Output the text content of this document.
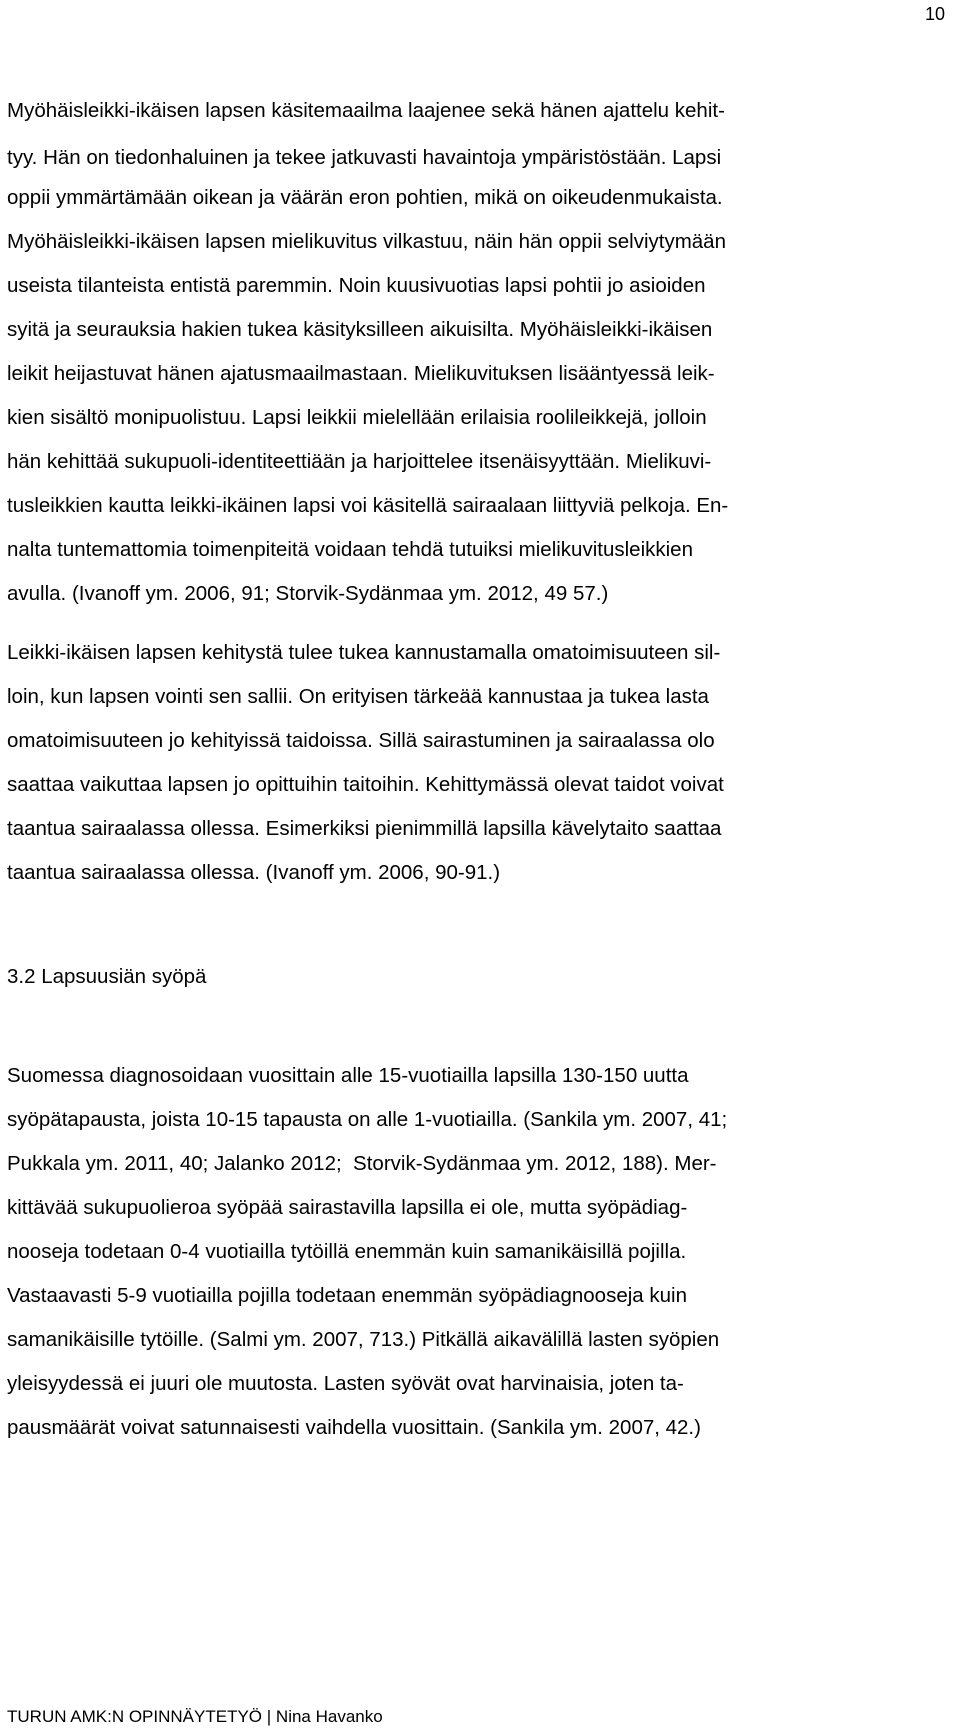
10
Myöhäisleikki-ikäisen lapsen käsitemaailma laajenee sekä hänen ajattelu kehit-
tyy. Hän on tiedonhaluinen ja tekee jatkuvasti havaintoja ympäristöstään. Lapsi
oppii ymmärtämään oikean ja väärän eron pohtien, mikä on oikeudenmukaista.
Myöhäisleikki-ikäisen lapsen mielikuvitus vilkastuu, näin hän oppii selviytymään
useista tilanteista entistä paremmin. Noin kuusivuotias lapsi pohtii jo asioiden
syitä ja seurauksia hakien tukea käsityksilleen aikuisilta. Myöhäisleikki-ikäisen
leikit heijastuvat hänen ajatusmaailmastaan. Mielikuvituksen lisääntyessä leik-
kien sisältö monipuolistuu. Lapsi leikkii mielellään erilaisia roolileikkejä, jolloin
hän kehittää sukupuoli-identiteettiään ja harjoittelee itsenäisyyttään. Mielikuvi-
tusleikkien kautta leikki-ikäinen lapsi voi käsitellä sairaalaan liittyviä pelkoja. En-
nalta tuntemattomia toimenpiteitä voidaan tehdä tutuiksi mielikuvitusleikkien
avulla. (Ivanoff ym. 2006, 91; Storvik-Sydänmaa ym. 2012, 49 57.)
Leikki-ikäisen lapsen kehitystä tulee tukea kannustamalla omatoimisuuteen sil-
loin, kun lapsen vointi sen sallii. On erityisen tärkeää kannustaa ja tukea lasta
omatoimisuuteen jo kehityissä taidoissa. Sillä sairastuminen ja sairaalassa olo
saattaa vaikuttaa lapsen jo opittuihin taitoihin. Kehittymässä olevat taidot voivat
taantua sairaalassa ollessa. Esimerkiksi pienimmillä lapsilla kävelytaito saattaa
taantua sairaalassa ollessa. (Ivanoff ym. 2006, 90-91.)
3.2 Lapsuusiän syöpä
Suomessa diagnosoidaan vuosittain alle 15-vuotiailla lapsilla 130-150 uutta
syöpätapausta, joista 10-15 tapausta on alle 1-vuotiailla. (Sankila ym. 2007, 41;
Pukkala ym. 2011, 40; Jalanko 2012;  Storvik-Sydänmaa ym. 2012, 188). Mer-
kittävää sukupuolieroa syöpää sairastavilla lapsilla ei ole, mutta syöpädiag-
nooseja todetaan 0-4 vuotiailla tytöillä enemmän kuin samanikäisillä pojilla.
Vastaavasti 5-9 vuotiailla pojilla todetaan enemmän syöpädiagnooseja kuin
samanikäisille tytöille. (Salmi ym. 2007, 713.) Pitkällä aikavälillä lasten syöpien
yleisyydessä ei juuri ole muutosta. Lasten syövät ovat harvinaisia, joten ta-
pausmäärät voivat satunnaisesti vaihdella vuosittain. (Sankila ym. 2007, 42.)
TURUN AMK:N OPINNÄYTETYÖ | Nina Havanko
